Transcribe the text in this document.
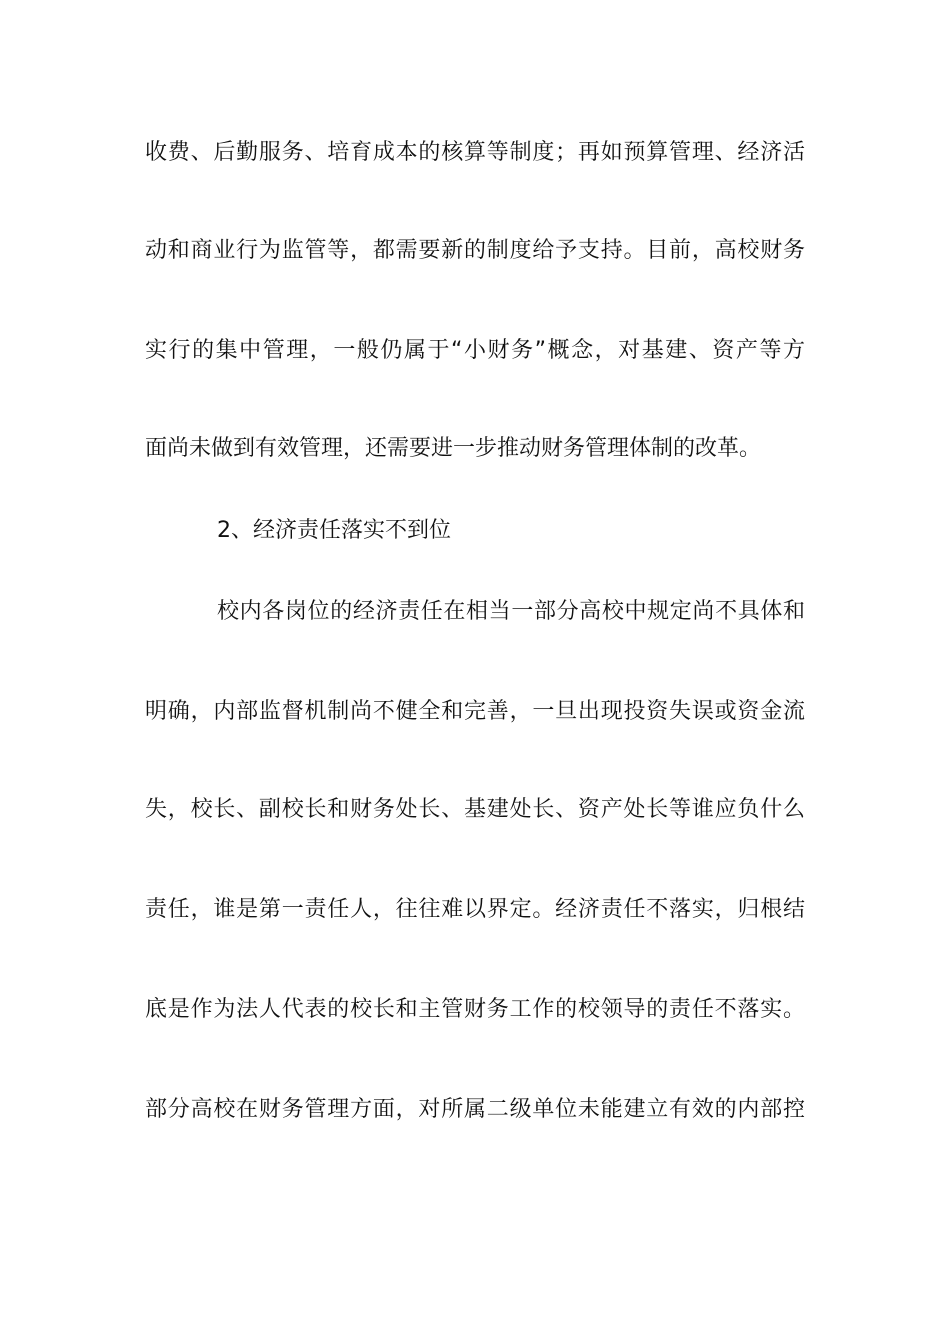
收费、后勤服务、培育成本的核算等制度；再如预算管理、经济活
动和商业行为监管等，都需要新的制度给予支持。目前，高校财务
实行的集中管理，一般仍属于“小财务”概念，对基建、资产等方
面尚未做到有效管理，还需要进一步推动财务管理体制的改革。
2、经济责任落实不到位
校内各岗位的经济责任在相当一部分高校中规定尚不具体和
明确，内部监督机制尚不健全和完善，一旦出现投资失误或资金流
失，校长、副校长和财务处长、基建处长、资产处长等谁应负什么
责任，谁是第一责任人，往往难以界定。经济责任不落实，归根结
底是作为法人代表的校长和主管财务工作的校领导的责任不落实。
部分高校在财务管理方面，对所属二级单位未能建立有效的内部控
